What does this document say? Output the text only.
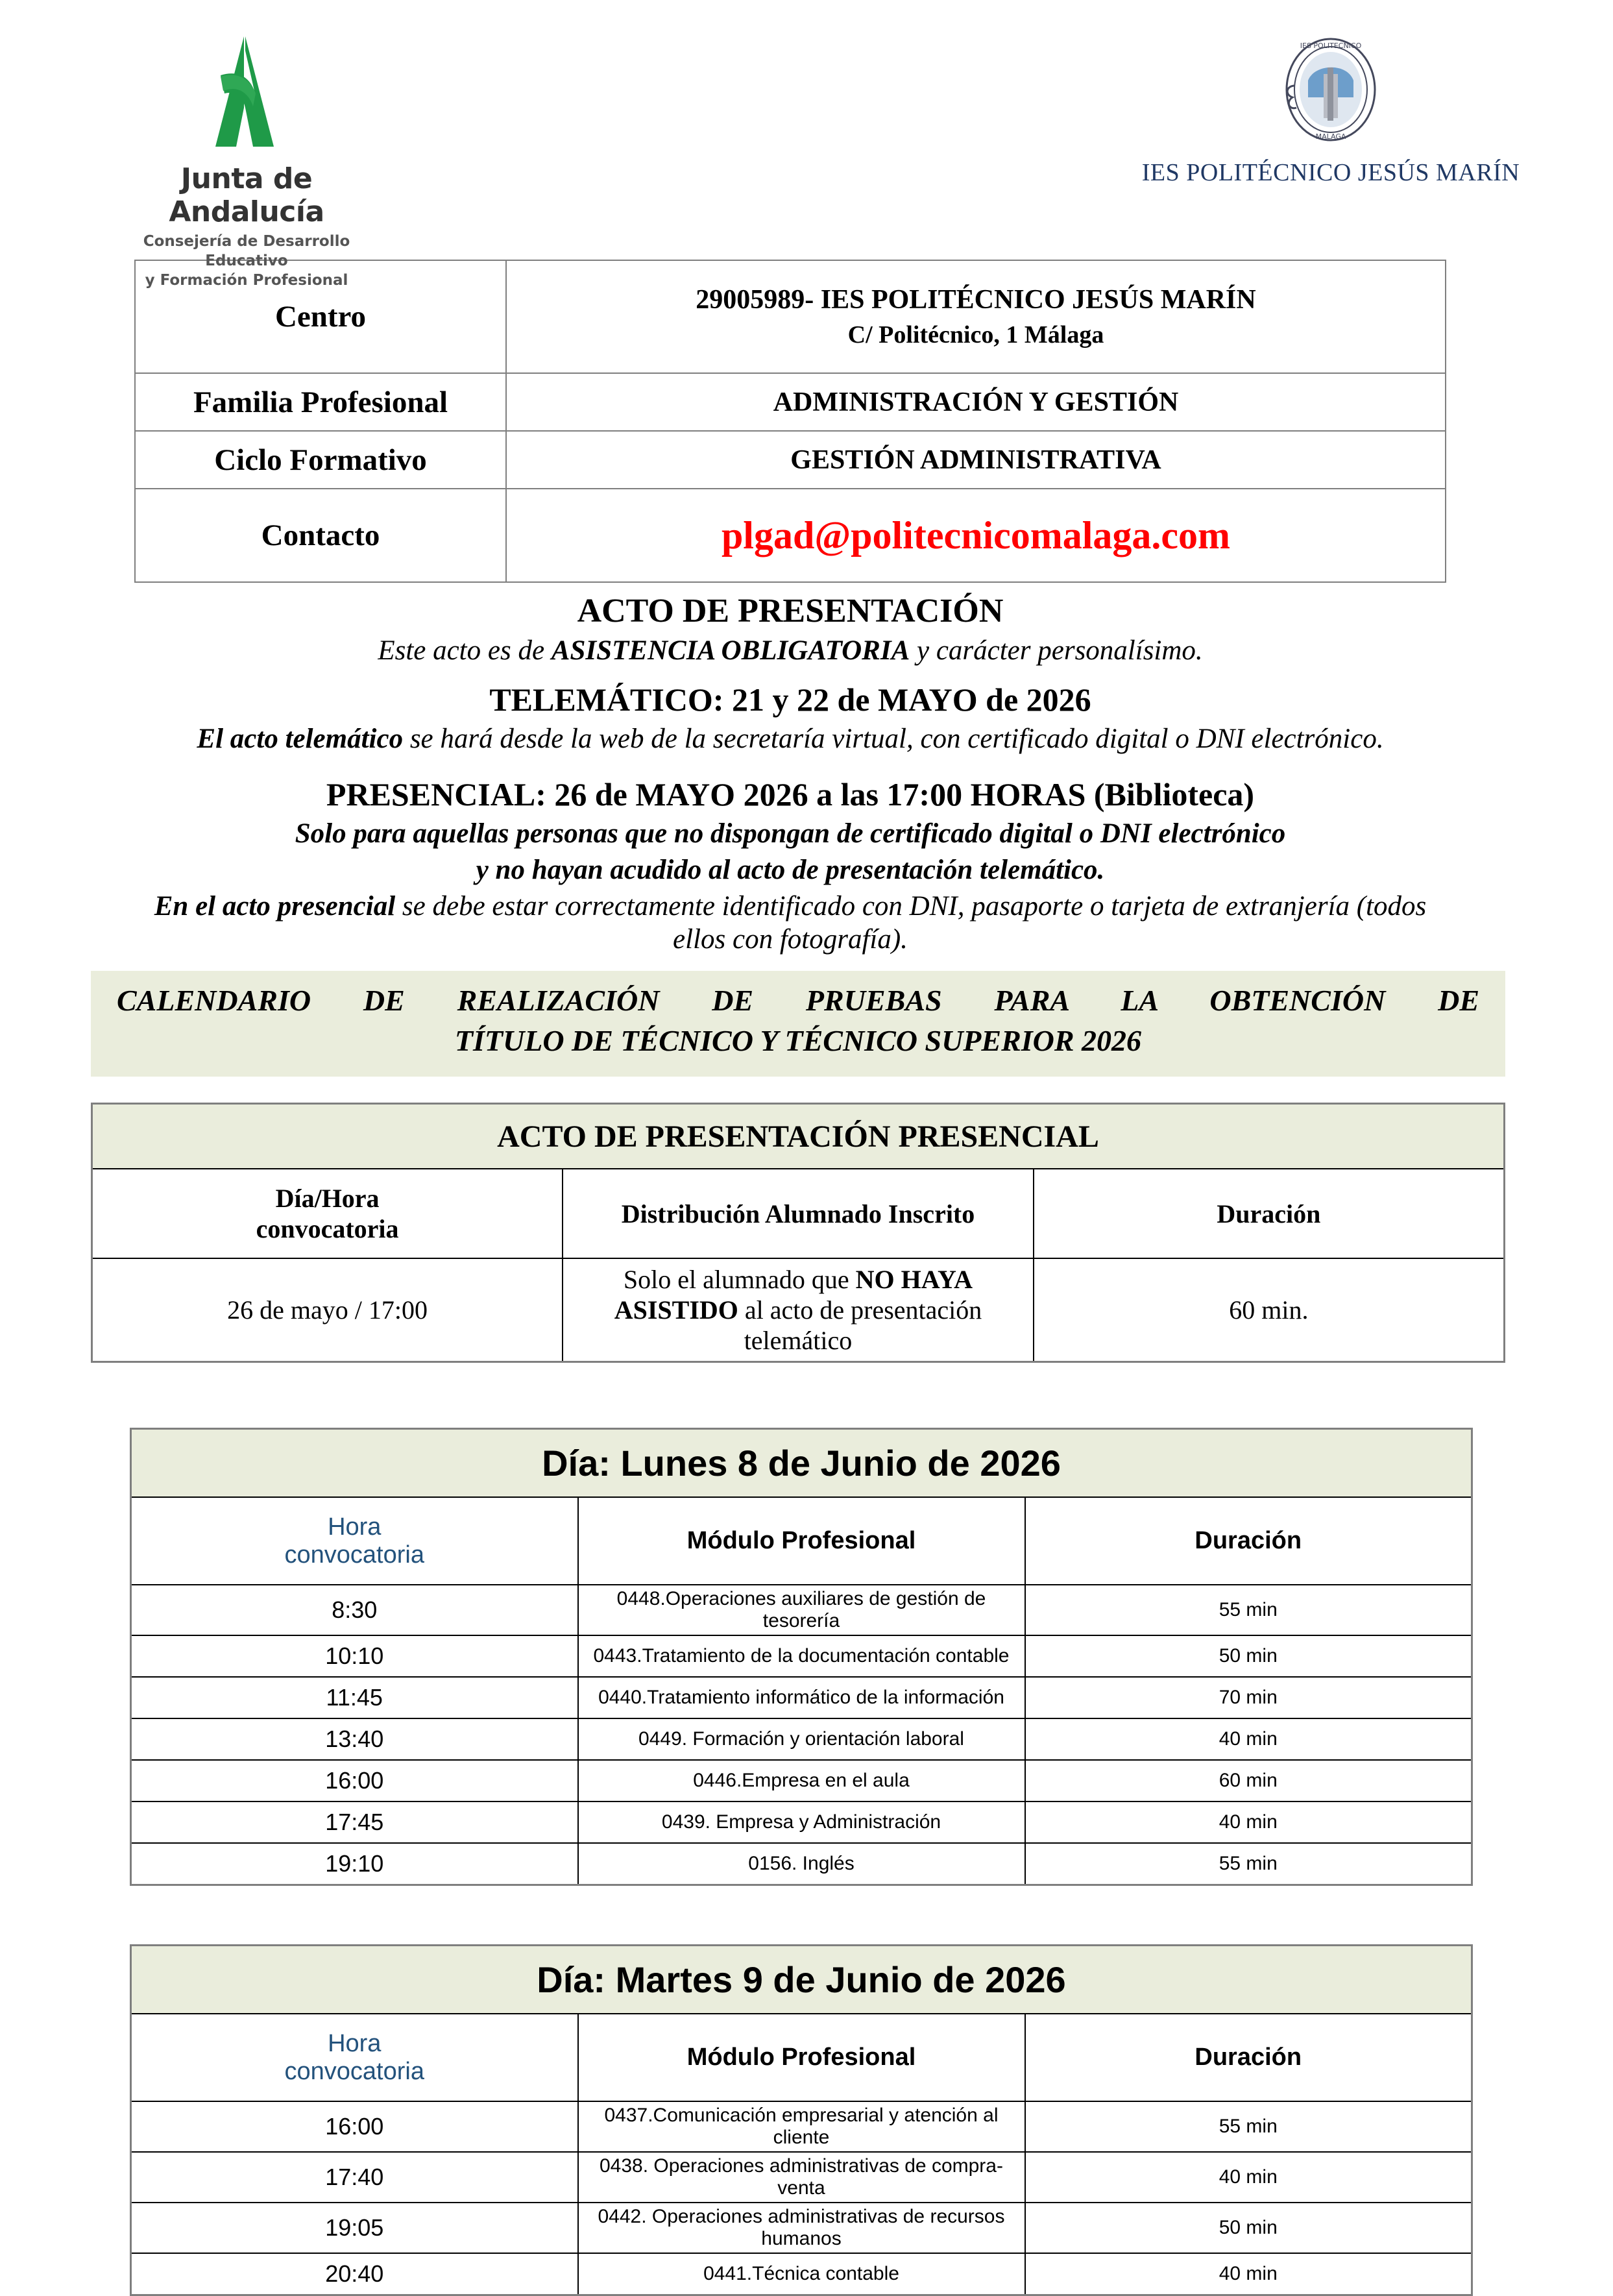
Junta de Andalucía
Consejería de Desarrollo Educativo
y Formación Profesional
IES POLITECNICO
MALAGA
IES POLITÉCNICO JESÚS MARÍN
Centro	29005989- IES POLITÉCNICO JESÚS MARÍN
C/ Politécnico, 1 Málaga

Familia Profesional	ADMINISTRACIÓN Y GESTIÓN
Ciclo Formativo	GESTIÓN ADMINISTRATIVA
Contacto	plgad@politecnicomalaga.com
ACTO DE PRESENTACIÓN
Este acto es de ASISTENCIA OBLIGATORIA y carácter personalísimo.
TELEMÁTICO: 21 y 22 de MAYO de 2026
El acto telemático se hará desde la web de la secretaría virtual, con certificado digital o DNI electrónico.
PRESENCIAL: 26 de MAYO 2026 a las 17:00 HORAS (Biblioteca)
Solo para aquellas personas que no dispongan de certificado digital o DNI electrónico
y no hayan acudido al acto de presentación telemático.
En el acto presencial se debe estar correctamente identificado con DNI, pasaporte o tarjeta de extranjería (todos ellos con fotografía).
CALENDARIO DE REALIZACIÓN DE PRUEBAS PARA LA OBTENCIÓN DE
TÍTULO DE TÉCNICO Y TÉCNICO SUPERIOR 2026
ACTO DE PRESENTACIÓN PRESENCIAL		
Día/Hora
convocatoria	Distribución Alumnado Inscrito	Duración
26 de mayo / 17:00	Solo el alumnado que NO HAYA ASISTIDO al acto de presentación telemático	60 min.
Día: Lunes 8 de Junio de 2026		
Hora
convocatoria	Módulo Profesional	Duración
8:30	0448.Operaciones auxiliares de gestión de tesorería	55 min
10:10	0443.Tratamiento de la documentación contable	50 min
11:45	0440.Tratamiento informático de la información	70 min
13:40	0449. Formación y orientación laboral	40 min
16:00	0446.Empresa en el aula	60 min
17:45	0439. Empresa y Administración	40 min
19:10	0156. Inglés	55 min
Día: Martes 9 de Junio de 2026		
Hora
convocatoria	Módulo Profesional	Duración
16:00	0437.Comunicación empresarial y atención al cliente	55 min
17:40	0438. Operaciones administrativas de compra- venta	40 min
19:05	0442. Operaciones administrativas de recursos humanos	50 min
20:40	0441.Técnica contable	40 min
